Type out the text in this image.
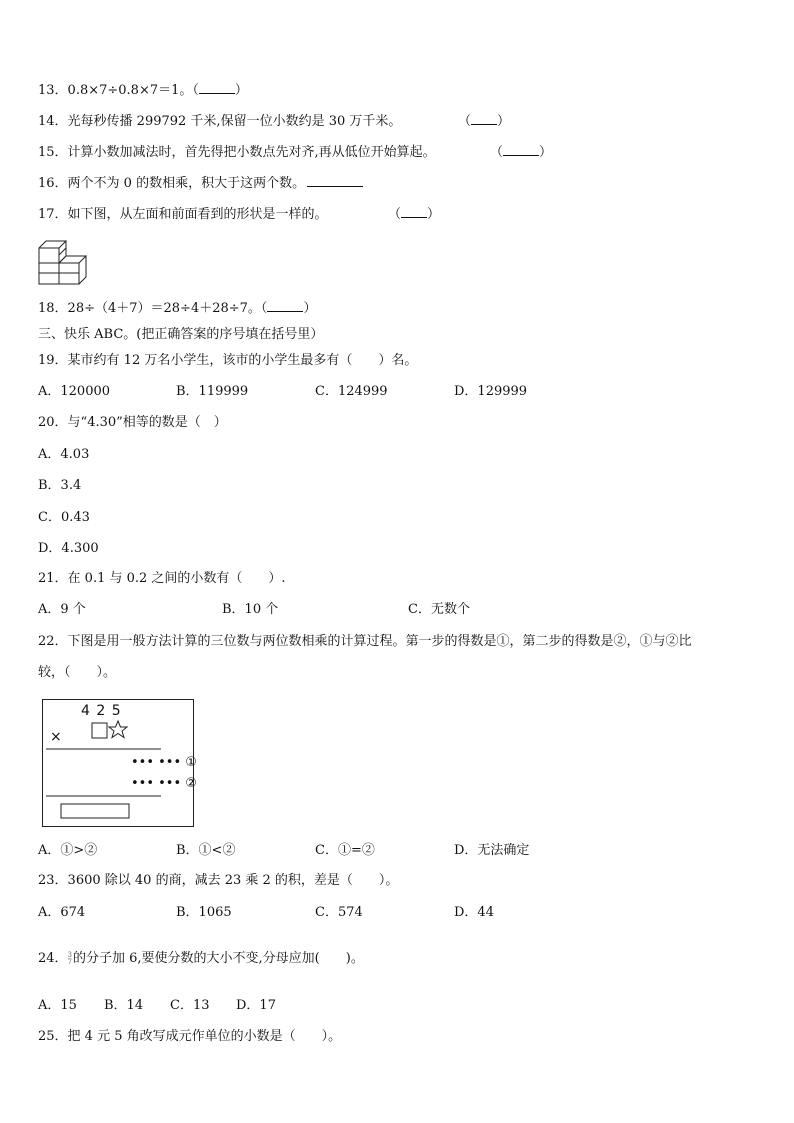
13．0.8×7÷0.8×7＝1。（	）
14．光每秒传播 299792 千米,保留一位小数约是 30 万千米。	（ ）
15．计算小数加减法时，首先得把小数点先对齐,再从低位开始算起。	（	）
16．两个不为 0 的数相乘，积大于这两个数。
17．如下图，从左面和前面看到的形状是一样的。	（ ）
18．28÷（4＋7）＝28÷4＋28÷7。（	）
三、快乐 ABC。(把正确答案的序号填在括号里）
19．某市约有 12 万名小学生，该市的小学生最多有（　　）名。
A．120000	B．119999	C．124999	D．129999
20．与“4.30”相等的数是（　）
A．4.03
B．3.4
C．0.43
D．4.300
21．在 0.1 与 0.2 之间的小数有（　　）.
A．9 个	B．10 个	C．无数个
22．下图是用一般方法计算的三位数与两位数相乘的计算过程。第一步的得数是①，第二步的得数是②，①与②比
较，（　　）。
4 2 5
×
••• ••• ①
••• ••• ②
A．①>②	B．①<②	C．①=②	D．无法确定
23．3600 除以 40 的商，减去 23 乘 2 的积，差是（　　）。
A．674	B．1065	C．574	D．44
24． 3
7 的分子加 6,要使分数的大小不变,分母应加(　　)。
A．15 B．14 C．13 D．17
25．把 4 元 5 角改写成元作单位的小数是（　　）。
